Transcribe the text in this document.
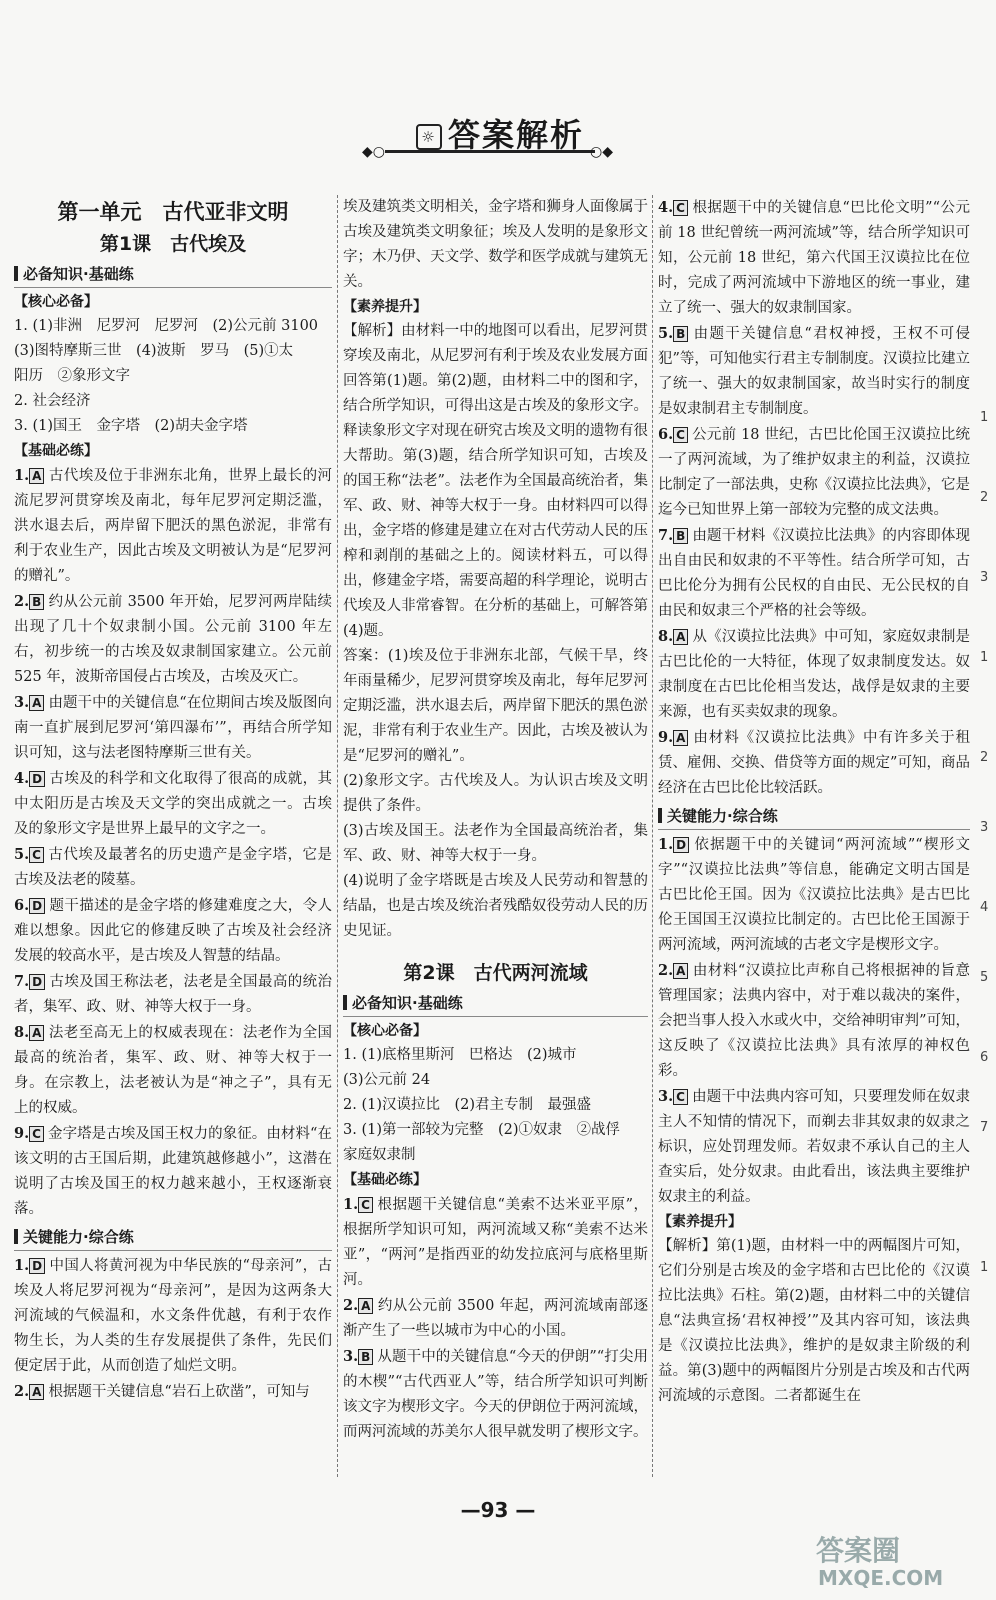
◆○	○◆
☼ 答案解析
第一单元　古代亚非文明
第1课　古代埃及
必备知识·基础练
【核心必备】
1. (1)非洲　尼罗河　尼罗河　(2)公元前 3100
(3)图特摩斯三世　(4)波斯　罗马　(5)①太
阳历　②象形文字
2. 社会经济
3. (1)国王　金字塔　(2)胡夫金字塔
【基础必练】
1. A 古代埃及位于非洲东北角，世界上最长的河流尼罗河贯穿埃及南北，每年尼罗河定期泛滥，洪水退去后，两岸留下肥沃的黑色淤泥，非常有利于农业生产，因此古埃及文明被认为是“尼罗河的赠礼”。
2. B 约从公元前 3500 年开始，尼罗河两岸陆续出现了几十个奴隶制小国。公元前 3100 年左右，初步统一的古埃及奴隶制国家建立。公元前 525 年，波斯帝国侵占古埃及，古埃及灭亡。
3. A 由题干中的关键信息“在位期间古埃及版图向南一直扩展到尼罗河‘第四瀑布’”，再结合所学知识可知，这与法老图特摩斯三世有关。
4. D 古埃及的科学和文化取得了很高的成就，其中太阳历是古埃及天文学的突出成就之一。古埃及的象形文字是世界上最早的文字之一。
5. C 古代埃及最著名的历史遗产是金字塔，它是古埃及法老的陵墓。
6. D 题干描述的是金字塔的修建难度之大，令人难以想象。因此它的修建反映了古埃及社会经济发展的较高水平，是古埃及人智慧的结晶。
7. D 古埃及国王称法老，法老是全国最高的统治者，集军、政、财、神等大权于一身。
8. A 法老至高无上的权威表现在：法老作为全国最高的统治者，集军、政、财、神等大权于一身。在宗教上，法老被认为是“神之子”，具有无上的权威。
9. C 金字塔是古埃及国王权力的象征。由材料“在该文明的古王国后期，此建筑越修越小”，这潜在说明了古埃及国王的权力越来越小，王权逐渐衰落。
关键能力·综合练
1. D 中国人将黄河视为中华民族的“母亲河”，古埃及人将尼罗河视为“母亲河”，是因为这两条大河流域的气候温和，水文条件优越，有利于农作物生长，为人类的生存发展提供了条件，先民们便定居于此，从而创造了灿烂文明。
2. A 根据题干关键信息“岩石上砍凿”，可知与
埃及建筑类文明相关，金字塔和狮身人面像属于古埃及建筑类文明象征；埃及人发明的是象形文字；木乃伊、天文学、数学和医学成就与建筑无关。
【素养提升】
【解析】由材料一中的地图可以看出，尼罗河贯穿埃及南北，从尼罗河有利于埃及农业发展方面回答第(1)题。第(2)题，由材料二中的图和字，结合所学知识，可得出这是古埃及的象形文字。释读象形文字对现在研究古埃及文明的遗物有很大帮助。第(3)题，结合所学知识可知，古埃及的国王称“法老”。法老作为全国最高统治者，集军、政、财、神等大权于一身。由材料四可以得出，金字塔的修建是建立在对古代劳动人民的压榨和剥削的基础之上的。阅读材料五，可以得出，修建金字塔，需要高超的科学理论，说明古代埃及人非常睿智。在分析的基础上，可解答第(4)题。
答案：(1)埃及位于非洲东北部，气候干旱，终年雨量稀少，尼罗河贯穿埃及南北，每年尼罗河定期泛滥，洪水退去后，两岸留下肥沃的黑色淤泥，非常有利于农业生产。因此，古埃及被认为是“尼罗河的赠礼”。
(2)象形文字。古代埃及人。为认识古埃及文明提供了条件。
(3)古埃及国王。法老作为全国最高统治者，集军、政、财、神等大权于一身。
(4)说明了金字塔既是古埃及人民劳动和智慧的结晶，也是古埃及统治者残酷奴役劳动人民的历史见证。
第2课　古代两河流域
必备知识·基础练
【核心必备】
1. (1)底格里斯河　巴格达　(2)城市
(3)公元前 24
2. (1)汉谟拉比　(2)君主专制　最强盛
3. (1)第一部较为完整　(2)①奴隶　②战俘
家庭奴隶制
【基础必练】
1. C 根据题干关键信息“美索不达米亚平原”，根据所学知识可知，两河流域又称“美索不达米亚”，“两河”是指西亚的幼发拉底河与底格里斯河。
2. A 约从公元前 3500 年起，两河流域南部逐渐产生了一些以城市为中心的小国。
3. B 从题干中的关键信息“今天的伊朗”“打尖用的木楔”“古代西亚人”等，结合所学知识可判断该文字为楔形文字。今天的伊朗位于两河流域，而两河流域的苏美尔人很早就发明了楔形文字。
4. C 根据题干中的关键信息“巴比伦文明”“公元前 18 世纪曾统一两河流域”等，结合所学知识可知，公元前 18 世纪，第六代国王汉谟拉比在位时，完成了两河流域中下游地区的统一事业，建立了统一、强大的奴隶制国家。
5. B 由题干关键信息“君权神授，王权不可侵犯”等，可知他实行君主专制制度。汉谟拉比建立了统一、强大的奴隶制国家，故当时实行的制度是奴隶制君主专制制度。
6. C 公元前 18 世纪，古巴比伦国王汉谟拉比统一了两河流域，为了维护奴隶主的利益，汉谟拉比制定了一部法典，史称《汉谟拉比法典》，它是迄今已知世界上第一部较为完整的成文法典。
7. B 由题干材料《汉谟拉比法典》的内容即体现出自由民和奴隶的不平等性。结合所学可知，古巴比伦分为拥有公民权的自由民、无公民权的自由民和奴隶三个严格的社会等级。
8. A 从《汉谟拉比法典》中可知，家庭奴隶制是古巴比伦的一大特征，体现了奴隶制度发达。奴隶制度在古巴比伦相当发达，战俘是奴隶的主要来源，也有买卖奴隶的现象。
9. A 由材料《汉谟拉比法典》中有许多关于租赁、雇佣、交换、借贷等方面的规定”可知，商品经济在古巴比伦比较活跃。
关键能力·综合练
1. D 依据题干中的关键词“两河流域”“楔形文字”“汉谟拉比法典”等信息，能确定文明古国是古巴比伦王国。因为《汉谟拉比法典》是古巴比伦王国国王汉谟拉比制定的。古巴比伦王国源于两河流域，两河流域的古老文字是楔形文字。
2. A 由材料“汉谟拉比声称自己将根据神的旨意管理国家；法典内容中，对于难以裁决的案件，会把当事人投入水或火中，交给神明审判”可知，这反映了《汉谟拉比法典》具有浓厚的神权色彩。
3. C 由题干中法典内容可知，只要理发师在奴隶主人不知情的情况下，而剃去非其奴隶的奴隶之标识，应处罚理发师。若奴隶不承认自己的主人查实后，处分奴隶。由此看出，该法典主要维护奴隶主的利益。
【素养提升】
【解析】第(1)题，由材料一中的两幅图片可知，它们分别是古埃及的金字塔和古巴比伦的《汉谟拉比法典》石柱。第(2)题，由材料二中的关键信息“法典宣扬‘君权神授’”及其内容可知，该法典是《汉谟拉比法典》，维护的是奴隶主阶级的利益。第(3)题中的两幅图片分别是古埃及和古代两河流域的示意图。二者都诞生在
1
2
3
1
2
3
4
5
6
7
1
—93 —
答案圈
MXQE.COM
